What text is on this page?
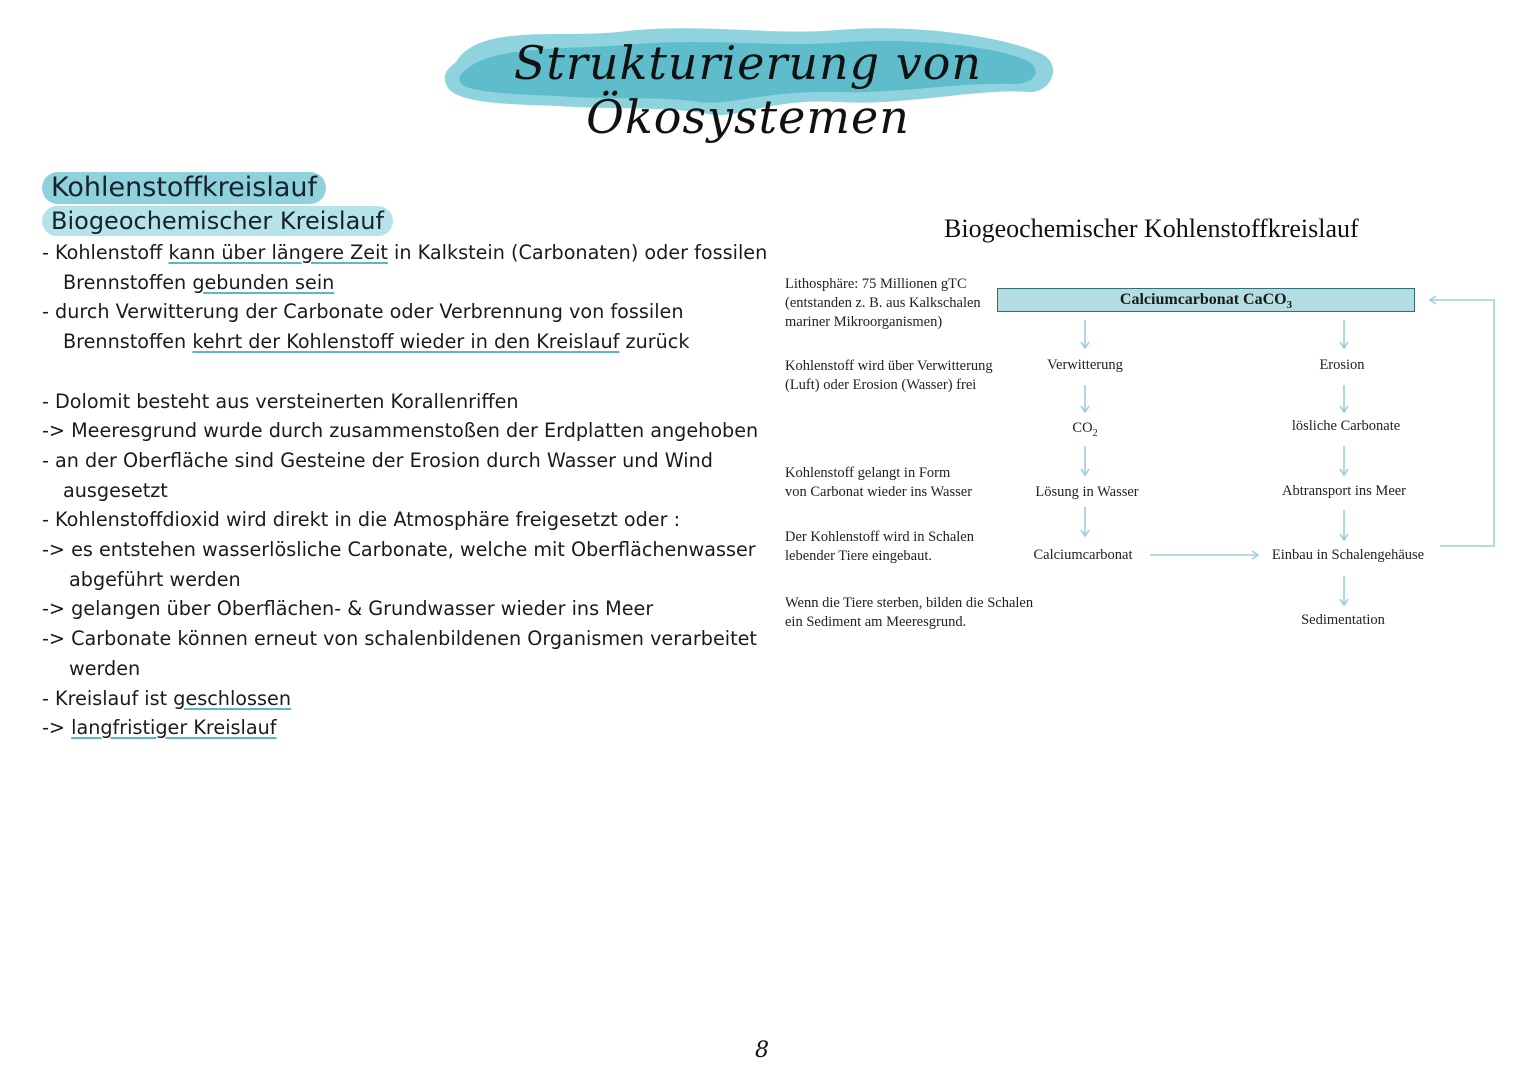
Strukturierung von Ökosystemen
Kohlenstoffkreislauf
Biogeochemischer Kreislauf
- Kohlenstoff kann über längere Zeit in Kalkstein (Carbonaten) oder fossilen
Brennstoffen gebunden sein
- durch Verwitterung der Carbonate oder Verbrennung von fossilen
Brennstoffen kehrt der Kohlenstoff wieder in den Kreislauf zurück
- Dolomit besteht aus versteinerten Korallenriffen
-> Meeresgrund wurde durch zusammenstoßen der Erdplatten angehoben
- an der Oberfläche sind Gesteine der Erosion durch Wasser und Wind
ausgesetzt
- Kohlenstoffdioxid wird direkt in die Atmosphäre freigesetzt oder :
-> es entstehen wasserlösliche Carbonate, welche mit Oberflächenwasser
abgeführt werden
-> gelangen über Oberflächen- & Grundwasser wieder ins Meer
-> Carbonate können erneut von schalenbildenen Organismen verarbeitet
werden
- Kreislauf ist geschlossen
-> langfristiger Kreislauf
Biogeochemischer Kohlenstoffkreislauf
Lithosphäre: 75 Millionen gTC
(entstanden z. B. aus Kalkschalen
mariner Mikroorganismen)
Calciumcarbonat CaCO$_3$
Kohlenstoff wird über Verwitterung
(Luft) oder Erosion (Wasser) frei
Kohlenstoff gelangt in Form
von Carbonat wieder ins Wasser
Der Kohlenstoff wird in Schalen
lebender Tiere eingebaut.
Wenn die Tiere sterben, bilden die Schalen
ein Sediment am Meeresgrund.
Verwitterung
$CO_2$
Lösung in Wasser
Calciumcarbonat
Erosion
lösliche Carbonate
Abtransport ins Meer
Einbau in Schalengehäuse
Sedimentation
8
